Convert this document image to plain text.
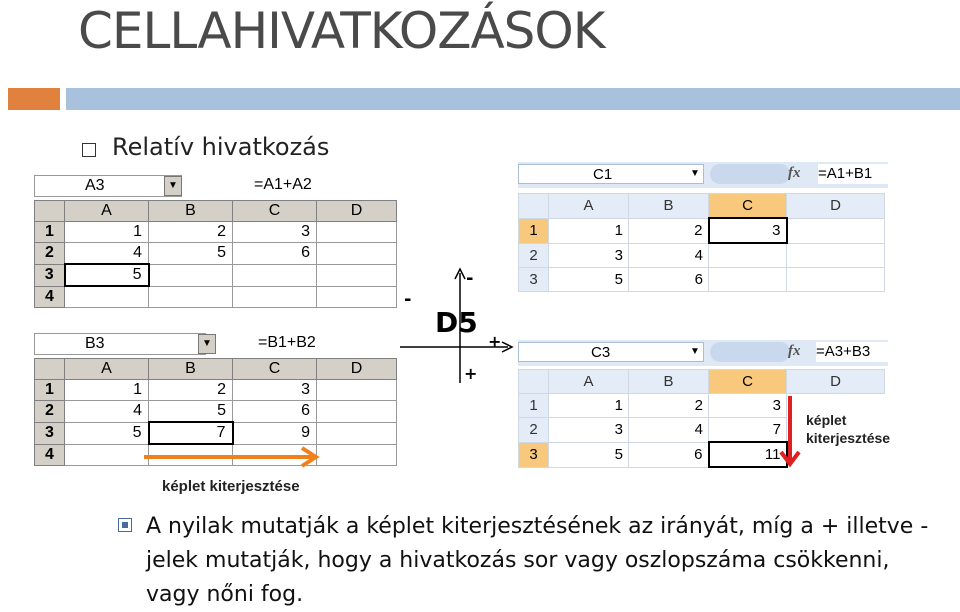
CELLAHIVATKOZÁSOK
Relatív hivatkozás
A3	▼	=A1+A2
	A	B	C	D
1	1	2	3	
2	4	5	6	
3	5			
4				
B3	▼	=B1+B2
	A	B	C	D
1	1	2	3	
2	4	5	6	
3	5	7	9	
4				
képlet kiterjesztése
D5
-
-
+
+
C1	▼	fx =A1+B1
	A	B	C	D
1	1	2	3	
2	3	4		
3	5	6		
C3	▼	fx =A3+B3
	A	B	C	D
1	1	2	3	
2	3	4	7	
3	5	6	11	
képlet
kiterjesztése
A nyilak mutatják a képlet kiterjesztésének az irányát, míg a + illetve - jelek mutatják, hogy a hivatkozás sor vagy oszlopszáma csökkenni, vagy nőni fog.
